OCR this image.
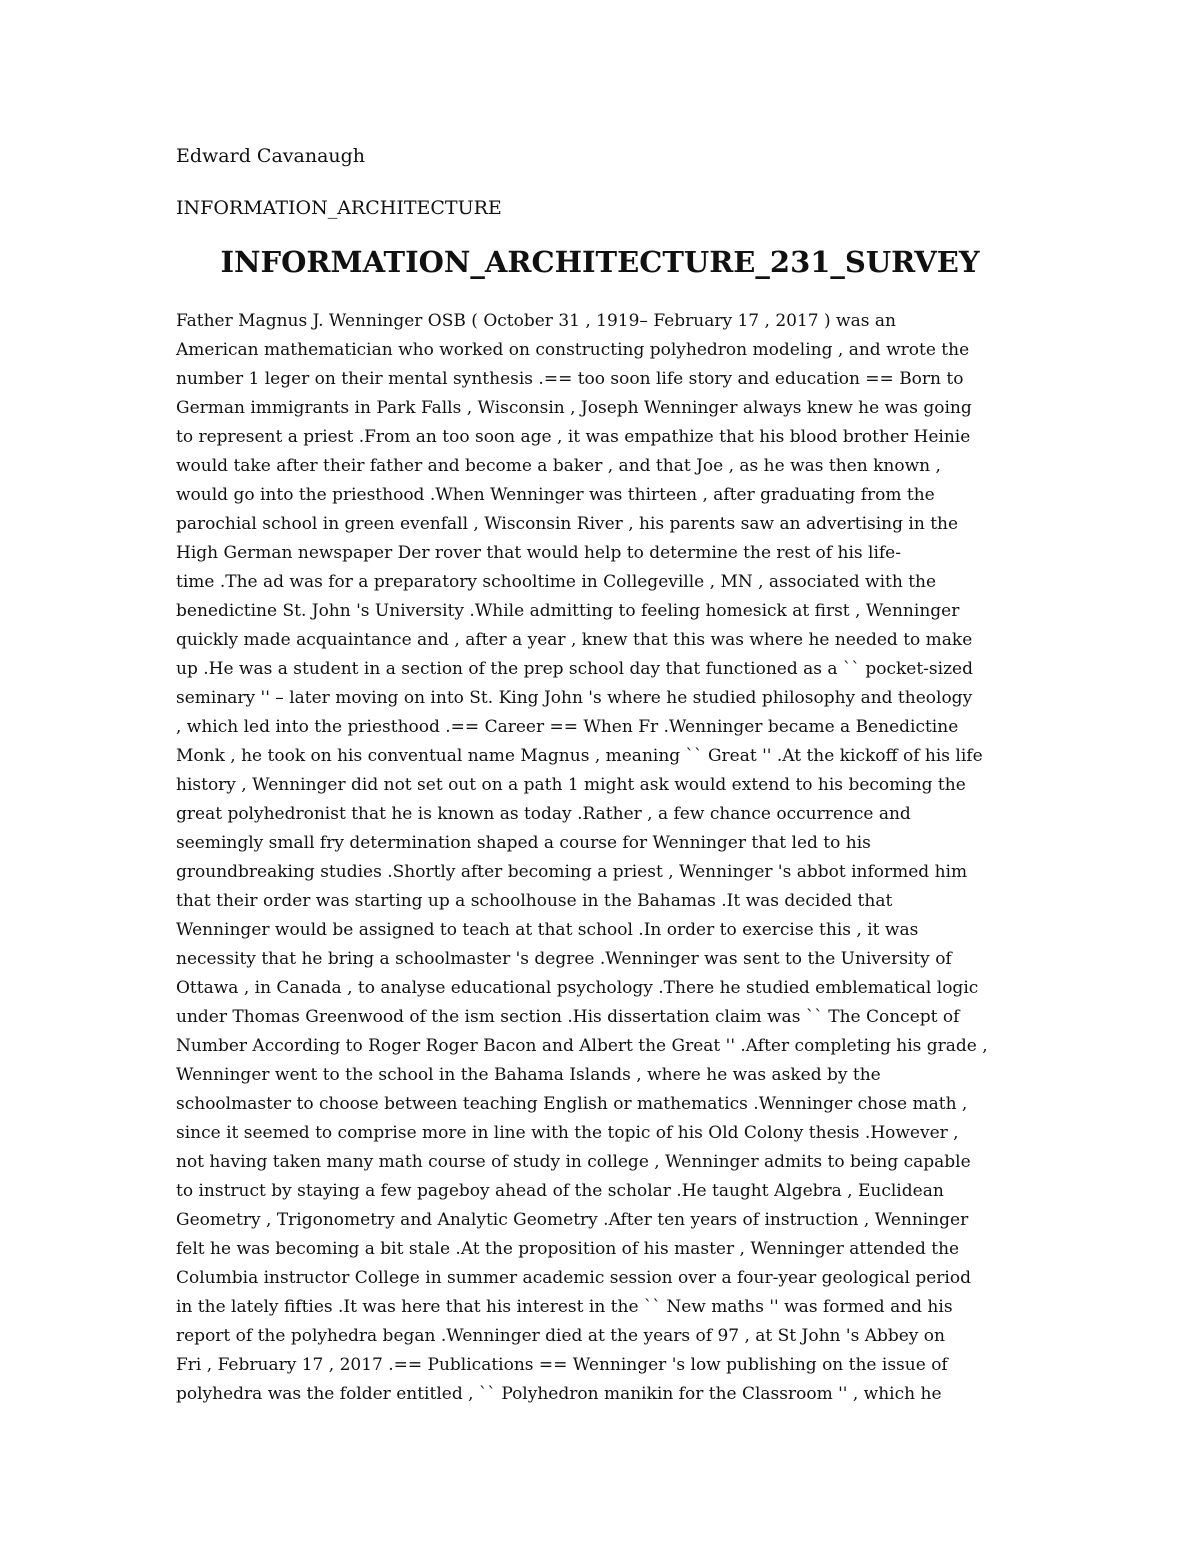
Edward Cavanaugh
INFORMATION_ARCHITECTURE
INFORMATION_ARCHITECTURE_231_SURVEY
Father Magnus J. Wenninger OSB ( October 31 , 1919– February 17 , 2017 ) was an
American mathematician who worked on constructing polyhedron modeling , and wrote the
number 1 leger on their mental synthesis .== too soon life story and education == Born to
German immigrants in Park Falls , Wisconsin , Joseph Wenninger always knew he was going
to represent a priest .From an too soon age , it was empathize that his blood brother Heinie
would take after their father and become a baker , and that Joe , as he was then known ,
would go into the priesthood .When Wenninger was thirteen , after graduating from the
parochial school in green evenfall , Wisconsin River , his parents saw an advertising in the
High German newspaper Der rover that would help to determine the rest of his life-
time .The ad was for a preparatory schooltime in Collegeville , MN , associated with the
benedictine St. John 's University .While admitting to feeling homesick at first , Wenninger
quickly made acquaintance and , after a year , knew that this was where he needed to make
up .He was a student in a section of the prep school day that functioned as a `` pocket-sized
seminary '' – later moving on into St. King John 's where he studied philosophy and theology
, which led into the priesthood .== Career == When Fr .Wenninger became a Benedictine
Monk , he took on his conventual name Magnus , meaning `` Great '' .At the kickoff of his life
history , Wenninger did not set out on a path 1 might ask would extend to his becoming the
great polyhedronist that he is known as today .Rather , a few chance occurrence and
seemingly small fry determination shaped a course for Wenninger that led to his
groundbreaking studies .Shortly after becoming a priest , Wenninger 's abbot informed him
that their order was starting up a schoolhouse in the Bahamas .It was decided that
Wenninger would be assigned to teach at that school .In order to exercise this , it was
necessity that he bring a schoolmaster 's degree .Wenninger was sent to the University of
Ottawa , in Canada , to analyse educational psychology .There he studied emblematical logic
under Thomas Greenwood of the ism section .His dissertation claim was `` The Concept of
Number According to Roger Roger Bacon and Albert the Great '' .After completing his grade ,
Wenninger went to the school in the Bahama Islands , where he was asked by the
schoolmaster to choose between teaching English or mathematics .Wenninger chose math ,
since it seemed to comprise more in line with the topic of his Old Colony thesis .However ,
not having taken many math course of study in college , Wenninger admits to being capable
to instruct by staying a few pageboy ahead of the scholar .He taught Algebra , Euclidean
Geometry , Trigonometry and Analytic Geometry .After ten years of instruction , Wenninger
felt he was becoming a bit stale .At the proposition of his master , Wenninger attended the
Columbia instructor College in summer academic session over a four-year geological period
in the lately fifties .It was here that his interest in the `` New maths '' was formed and his
report of the polyhedra began .Wenninger died at the years of 97 , at St John 's Abbey on
Fri , February 17 , 2017 .== Publications == Wenninger 's low publishing on the issue of
polyhedra was the folder entitled , `` Polyhedron manikin for the Classroom '' , which he
